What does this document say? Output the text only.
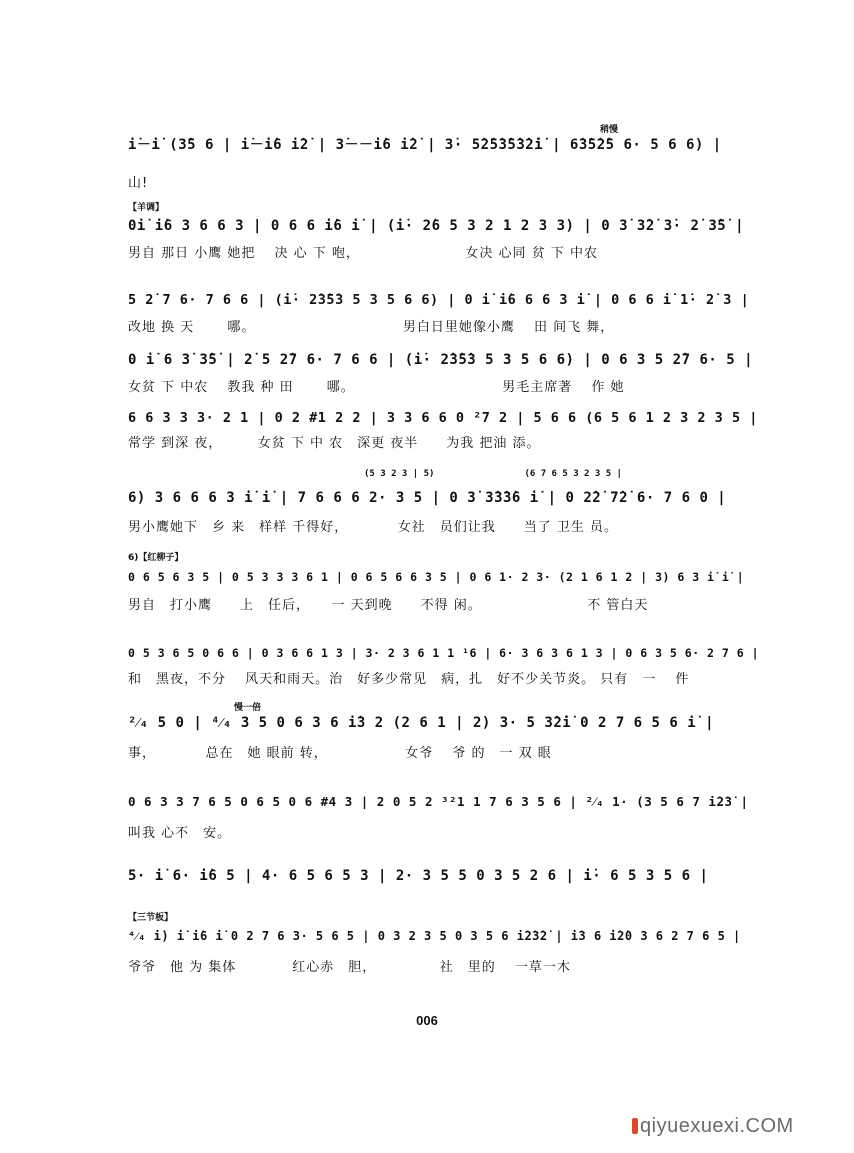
稍慢
i̇－i̇ (3̇5 6 | i̇－i̇6 i̇2̇ | 3̇－－i̇6 i̇2̇ | 3̇· 5̇2̇5̇3̇5̇3̇2̇i̇ | 6̇3̇5̇2̇5 6· 5 6 6) |
山!
【羊调】
0i̇ i̇6 3 6 6 3 | 0 6 6 i̇6 i̇ | (i̇· 2̇6 5 3 2 1 2 3 3) | 0 3̇ 3̇2̇ 3̇· 2̇ 3̇5̇ |
男自 那日 小鹰 她把 　决 心 下 咆，　　　　　　　　女决 心同 贫 下 中农
5 2̇ 7 6· 7 6 6 | (i̇· 2̇3̇5̇3 5 3 5 6 6) | 0 i̇ i̇6 6 6 3 i̇ | 0 6 6 i̇ 1̇· 2̇ 3 |
改地 换 天　　 哪。　　　　　　　　　　　男白日里她像小鹰　 田 间飞 舞，
0 i̇ 6 3̇ 3̇5̇ | 2̇ 5 2̇7 6· 7 6 6 | (i̇· 2̇3̇5̇3 5 3 5 6 6) | 0 6 3 5 2̇7 6· 5 |
女贫 下 中农　 教我 种 田　　 哪。　　　　　　　　　　　男毛主席著　 作 她
6 6 3 3 3· 2 1 | 0 2 #1 2 2 | 3 3 6 6 0 ²7 2 | 5 6 6 (6 5 6 1 2 3 2 3 5 |
常学 到深 夜，　　　女贫 下 中 农　深更 夜半　　为我 把油 添。
(5 3 2 3 | 5)　　　　　　　　　　(6 7 6 5 3 2 3 5 |
6) 3 6 6 6 3 i̇ i̇ | 7 6 6 6 2· 3 5 | 0 3̇ 3̇3̇3̇6 i̇ | 0 2̇2̇ 7̇2̇ 6· 7 6 0 |
男小鹰她下　乡 来　样样 千得好，　　　　女社　员们让我　　当了 卫生 员。
6)【红柳子】
0 6 5 6 3 5 | 0 5 3 3 3 6 1 | 0 6 5 6 6 3 5 | 0 6 1· 2 3· (2 1 6 1 2 | 3) 6 3 i̇ i̇ |
男自　打小鹰　　上　任后，　　一 天到晚　　不得 闲。　　　　　　　　不 管白天
0 5 3 6 5 0 6 6 | 0 3 6 6 1 3 | 3· 2 3 6 1 1 ¹6 | 6· 3 6 3 6 1 3 | 0 6 3 5 6· 2 7 6 |
和　黑夜，不分　 风天和雨天。治　好多少常见　病，扎　好不少关节炎。 只有　一　 件
慢一倍
²⁄₄ 5 0 | ⁴⁄₄ 3 5 0 6 3 6 i̇3 2 (2 6 1 | 2) 3· 5 3̇2̇i̇ 0 2 7 6 5 6 i̇ |
事，　　　　总在　她 眼前 转，　　　　　　女爷　 爷 的　一 双 眼
0 6 3 3 7 6 5 0 6 5 0 6 #4 3 | 2 0 5 2 ³²1 1 7 6 3 5 6 | ²⁄₄ 1· (3 5 6 7 i̇2̇3̇ |
叫我 心不　安。
5· i̇ 6· i̇6 5 | 4· 6 5 6 5 3 | 2· 3 5 5 0 3 5 2 6 | i̇· 6 5 3 5 6 |
【三节板】
⁴⁄₄ i̇) i̇ i̇6 i̇ 0 2 7 6 3· 5 6 5 | 0 3 2 3 5 0 3 5 6 i̇2̇3̇2̇ | i̇3 6 i̇2̇0 3 6 2 7 6 5 |
爷爷　他 为 集体　　　　红心赤　胆，　　　　　社　里的　 一草一木
006
qiyuexuexi.COM
